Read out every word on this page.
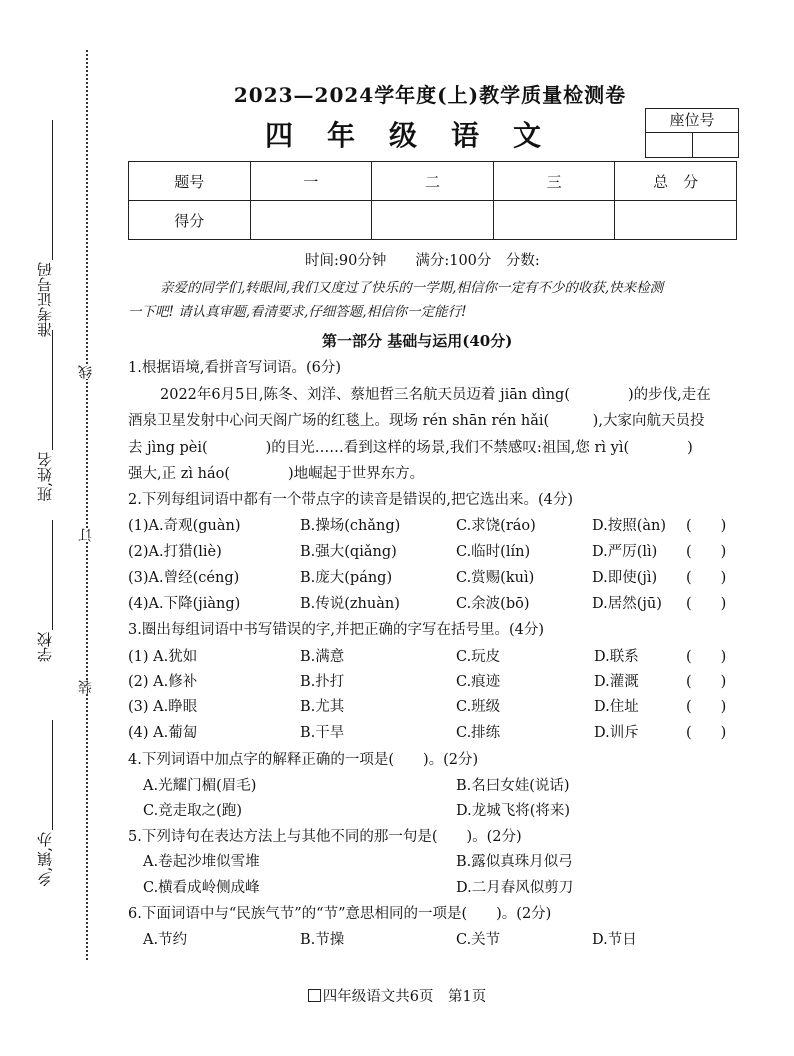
线
订
装
准考证号码
班,姓名
学校
乡,镇,办
2023—2024学年度(上)教学质量检测卷
四年级语文	座位号
题号	一	二	三	总　分
得分				
时间:90分钟　　满分:100分　分数:
亲爱的同学们,转眼间,我们又度过了快乐的一学期,相信你一定有不少的收获,快来检测
一下吧! 请认真审题,看清要求,仔细答题,相信你一定能行!
第一部分 基础与运用(40分)
1.根据语境,看拼音写词语。(6分)
2022年6月5日,陈冬、刘洋、蔡旭哲三名航天员迈着 jiān dìng(　　　　)的步伐,走在
酒泉卫星发射中心问天阁广场的红毯上。现场 rén shān rén hǎi(　　　),大家向航天员投
去 jìng pèi(　　　　)的目光……看到这样的场景,我们不禁感叹:祖国,您 rì yì(　　　　)
强大,正 zì háo(　　　　)地崛起于世界东方。
2.下列每组词语中都有一个带点字的读音是错误的,把它选出来。(4分)
(1)A.奇观(guàn)	B.操场(chǎng)	C.求饶(ráo)	D.按照(àn) (　　)
(2)A.打猎(liè)	B.强大(qiǎng)	C.临时(lín)	D.严厉(lì) (　　)
(3)A.曾经(céng)	B.庞大(páng)	C.赏赐(kuì)	D.即使(jì) (　　)
(4)A.下降(jiàng)	B.传说(zhuàn)	C.余波(bō)	D.居然(jū) (　　)
3.圈出每组词语中书写错误的字,并把正确的字写在括号里。(4分)
(1) A.犹如	B.满意	C.玩皮	D.联系	(　　)
(2) A.修补	B.扑打	C.痕迹	D.灌溉	(　　)
(3) A.睁眼	B.尤其	C.班级	D.住址	(　　)
(4) A.葡匐	B.干旱	C.排练	D.训斥	(　　)
4.下列词语中加点字的解释正确的一项是(　　)。(2分)
A.光耀门楣(眉毛)	B.名曰女娃(说话)
C.竞走取之(跑)	D.龙城飞将(将来)
5.下列诗句在表达方法上与其他不同的那一句是(　　)。(2分)
A.卷起沙堆似雪堆	B.露似真珠月似弓
C.横看成岭侧成峰	D.二月春风似剪刀
6.下面词语中与“民族气节”的“节”意思相同的一项是(　　)。(2分)
A.节约	B.节操	C.关节	D.节日
四年级语文共6页　第1页
